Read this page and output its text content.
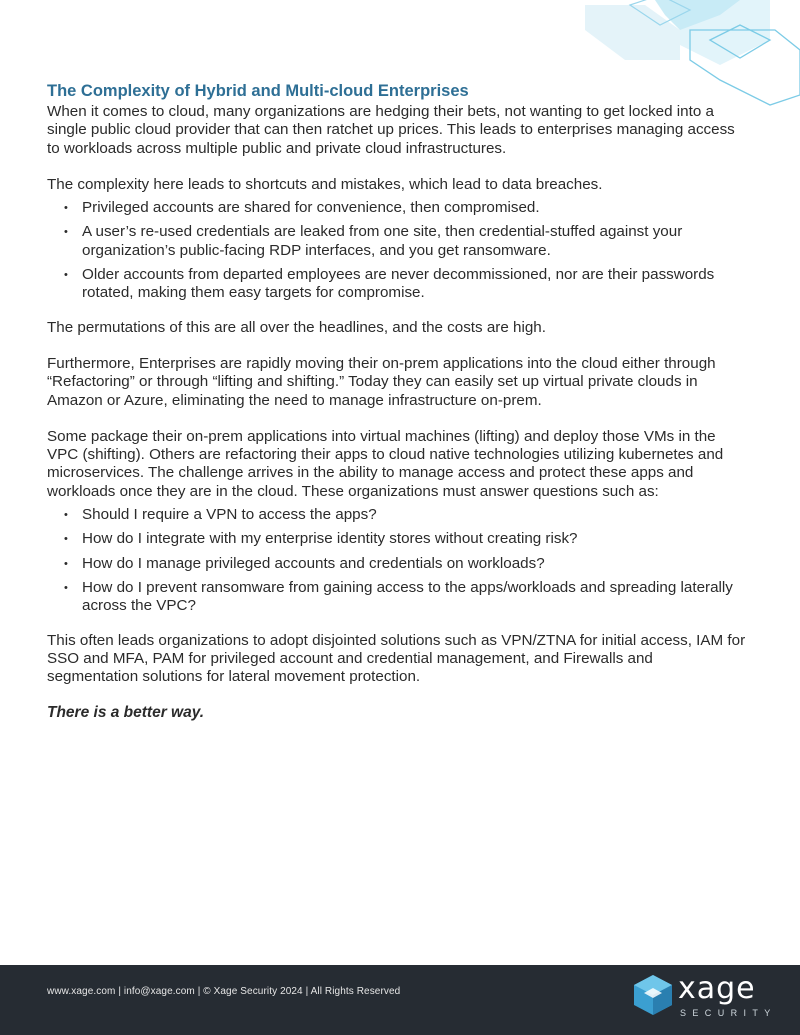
The Complexity of Hybrid and Multi-cloud Enterprises

When it comes to cloud, many organizations are hedging their bets, not wanting to get locked into a single public cloud provider that can then ratchet up prices. This leads to enterprises managing access to workloads across multiple public and private cloud infrastructures.

The complexity here leads to shortcuts and mistakes, which lead to data breaches.

• Privileged accounts are shared for convenience, then compromised.
• A user’s re-used credentials are leaked from one site, then credential-stuffed against your organization’s public-facing RDP interfaces, and you get ransomware.
• Older accounts from departed employees are never decommissioned, nor are their passwords rotated, making them easy targets for compromise.

The permutations of this are all over the headlines, and the costs are high.

Furthermore, Enterprises are rapidly moving their on-prem applications into the cloud either through “Refactoring” or through “lifting and shifting.” Today they can easily set up virtual private clouds in Amazon or Azure, eliminating the need to manage infrastructure on-prem.

Some package their on-prem applications into virtual machines (lifting) and deploy those VMs in the VPC (shifting). Others are refactoring their apps to cloud native technologies utilizing kubernetes and microservices. The challenge arrives in the ability to manage access and protect these apps and workloads once they are in the cloud. These organizations must answer questions such as:

• Should I require a VPN to access the apps?
• How do I integrate with my enterprise identity stores without creating risk?
• How do I manage privileged accounts and credentials on workloads?
• How do I prevent ransomware from gaining access to the apps/workloads and spreading laterally across the VPC?

This often leads organizations to adopt disjointed solutions such as VPN/ZTNA for initial access, IAM for SSO and MFA, PAM for privileged account and credential management, and Firewalls and segmentation solutions for lateral movement protection.

There is a better way.

www.xage.com | info@xage.com | © Xage Security 2024 | All Rights Reserved	xage
SECURITY
